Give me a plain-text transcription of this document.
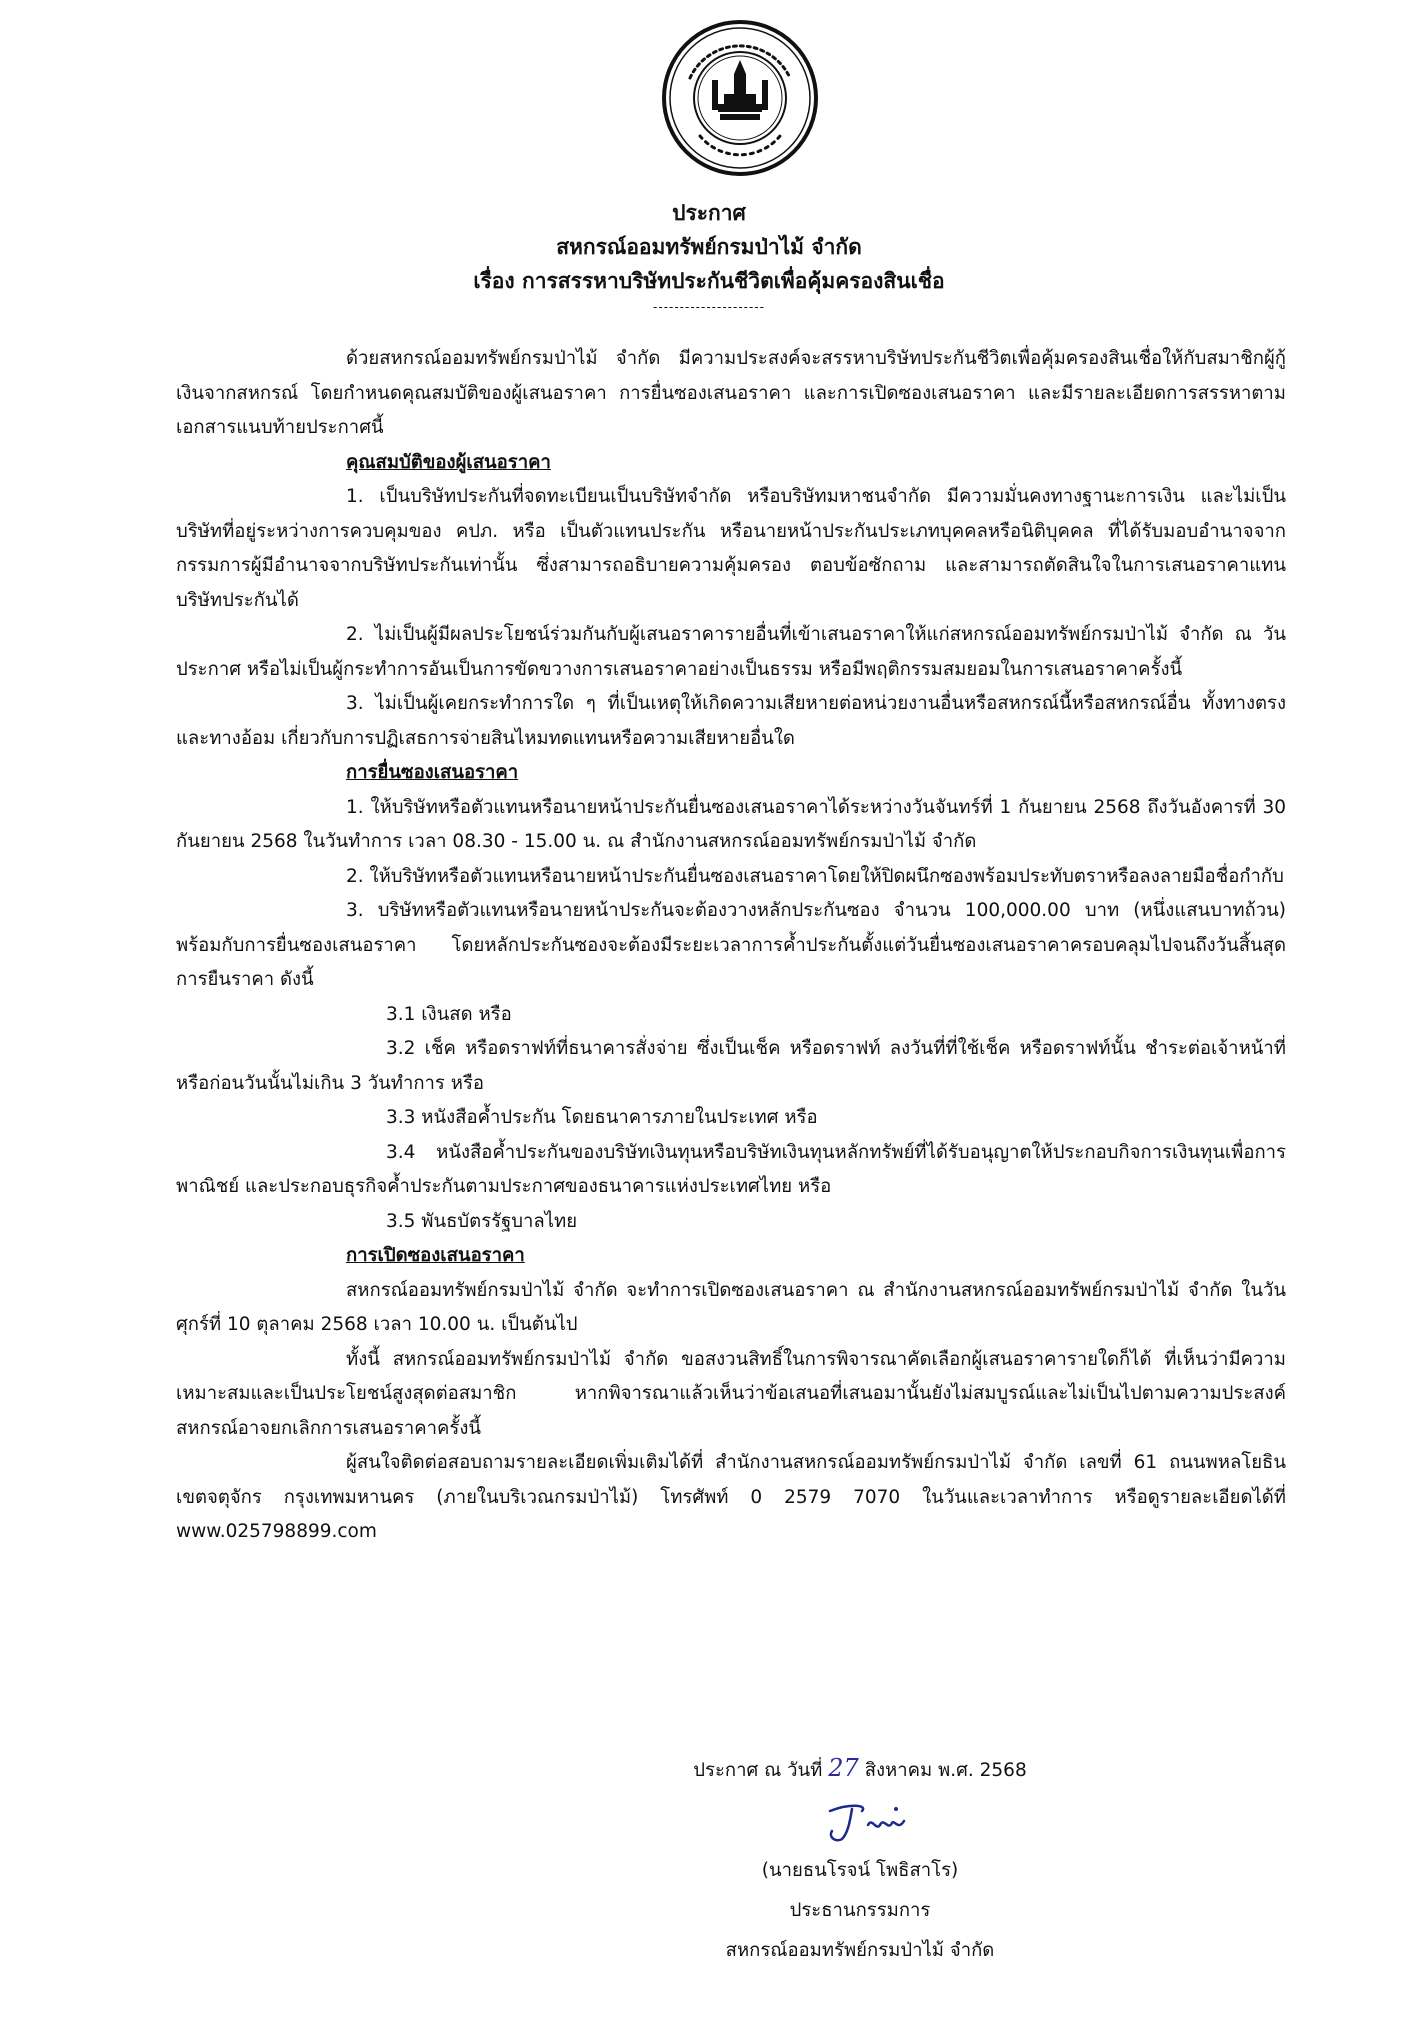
ประกาศ
สหกรณ์ออมทรัพย์กรมป่าไม้ จำกัด
เรื่อง การสรรหาบริษัทประกันชีวิตเพื่อคุ้มครองสินเชื่อ
---------------------

ด้วยสหกรณ์ออมทรัพย์กรมป่าไม้ จำกัด มีความประสงค์จะสรรหาบริษัทประกันชีวิตเพื่อคุ้มครองสินเชื่อให้กับสมาชิกผู้กู้เงินจากสหกรณ์ โดยกำหนดคุณสมบัติของผู้เสนอราคา การยื่นซองเสนอราคา และการเปิดซองเสนอราคา และมีรายละเอียดการสรรหาตามเอกสารแนบท้ายประกาศนี้

คุณสมบัติของผู้เสนอราคา

1. เป็นบริษัทประกันที่จดทะเบียนเป็นบริษัทจำกัด หรือบริษัทมหาชนจำกัด มีความมั่นคงทางฐานะการเงิน และไม่เป็นบริษัทที่อยู่ระหว่างการควบคุมของ คปภ. หรือ เป็นตัวแทนประกัน หรือนายหน้าประกันประเภทบุคคลหรือนิติบุคคล ที่ได้รับมอบอำนาจจากกรรมการผู้มีอำนาจจากบริษัทประกันเท่านั้น ซึ่งสามารถอธิบายความคุ้มครอง ตอบข้อซักถาม และสามารถตัดสินใจในการเสนอราคาแทนบริษัทประกันได้

2. ไม่เป็นผู้มีผลประโยชน์ร่วมกันกับผู้เสนอราคารายอื่นที่เข้าเสนอราคาให้แก่สหกรณ์ออมทรัพย์กรมป่าไม้ จำกัด ณ วันประกาศ หรือไม่เป็นผู้กระทำการอันเป็นการขัดขวางการเสนอราคาอย่างเป็นธรรม หรือมีพฤติกรรมสมยอมในการเสนอราคาครั้งนี้

3. ไม่เป็นผู้เคยกระทำการใด ๆ ที่เป็นเหตุให้เกิดความเสียหายต่อหน่วยงานอื่นหรือสหกรณ์นี้หรือสหกรณ์อื่น ทั้งทางตรงและทางอ้อม เกี่ยวกับการปฏิเสธการจ่ายสินไหมทดแทนหรือความเสียหายอื่นใด

การยื่นซองเสนอราคา

1. ให้บริษัทหรือตัวแทนหรือนายหน้าประกันยื่นซองเสนอราคาได้ระหว่างวันจันทร์ที่ 1 กันยายน 2568 ถึงวันอังคารที่ 30 กันยายน 2568 ในวันทำการ เวลา 08.30 - 15.00 น. ณ สำนักงานสหกรณ์ออมทรัพย์กรมป่าไม้ จำกัด

2. ให้บริษัทหรือตัวแทนหรือนายหน้าประกันยื่นซองเสนอราคาโดยให้ปิดผนึกซองพร้อมประทับตราหรือลงลายมือชื่อกำกับ

3. บริษัทหรือตัวแทนหรือนายหน้าประกันจะต้องวางหลักประกันซอง จำนวน 100,000.00 บาท (หนึ่งแสนบาทถ้วน) พร้อมกับการยื่นซองเสนอราคา โดยหลักประกันซองจะต้องมีระยะเวลาการค้ำประกันตั้งแต่วันยื่นซองเสนอราคาครอบคลุมไปจนถึงวันสิ้นสุดการยืนราคา ดังนี้

3.1 เงินสด หรือ

3.2 เช็ค หรือดราฟท์ที่ธนาคารสั่งจ่าย ซึ่งเป็นเช็ค หรือดราฟท์ ลงวันที่ที่ใช้เช็ค หรือดราฟท์นั้น ชำระต่อเจ้าหน้าที่ หรือก่อนวันนั้นไม่เกิน 3 วันทำการ หรือ

3.3 หนังสือค้ำประกัน โดยธนาคารภายในประเทศ หรือ

3.4 หนังสือค้ำประกันของบริษัทเงินทุนหรือบริษัทเงินทุนหลักทรัพย์ที่ได้รับอนุญาตให้ประกอบกิจการเงินทุนเพื่อการพาณิชย์ และประกอบธุรกิจค้ำประกันตามประกาศของธนาคารแห่งประเทศไทย หรือ

3.5 พันธบัตรรัฐบาลไทย

การเปิดซองเสนอราคา

สหกรณ์ออมทรัพย์กรมป่าไม้ จำกัด จะทำการเปิดซองเสนอราคา ณ สำนักงานสหกรณ์ออมทรัพย์กรมป่าไม้ จำกัด ในวันศุกร์ที่ 10 ตุลาคม 2568 เวลา 10.00 น. เป็นต้นไป

ทั้งนี้ สหกรณ์ออมทรัพย์กรมป่าไม้ จำกัด ขอสงวนสิทธิ์ในการพิจารณาคัดเลือกผู้เสนอราคารายใดก็ได้ ที่เห็นว่ามีความเหมาะสมและเป็นประโยชน์สูงสุดต่อสมาชิก หากพิจารณาแล้วเห็นว่าข้อเสนอที่เสนอมานั้นยังไม่สมบูรณ์และไม่เป็นไปตามความประสงค์ สหกรณ์อาจยกเลิกการเสนอราคาครั้งนี้

ผู้สนใจติดต่อสอบถามรายละเอียดเพิ่มเติมได้ที่ สำนักงานสหกรณ์ออมทรัพย์กรมป่าไม้ จำกัด เลขที่ 61 ถนนพหลโยธิน เขตจตุจักร กรุงเทพมหานคร (ภายในบริเวณกรมป่าไม้) โทรศัพท์ 0 2579 7070 ในวันและเวลาทำการ หรือดูรายละเอียดได้ที่ www.025798899.com

ประกาศ ณ วันที่ 27 สิงหาคม พ.ศ. 2568
(นายธนโรจน์ โพธิสาโร)
ประธานกรรมการ
สหกรณ์ออมทรัพย์กรมป่าไม้ จำกัด
